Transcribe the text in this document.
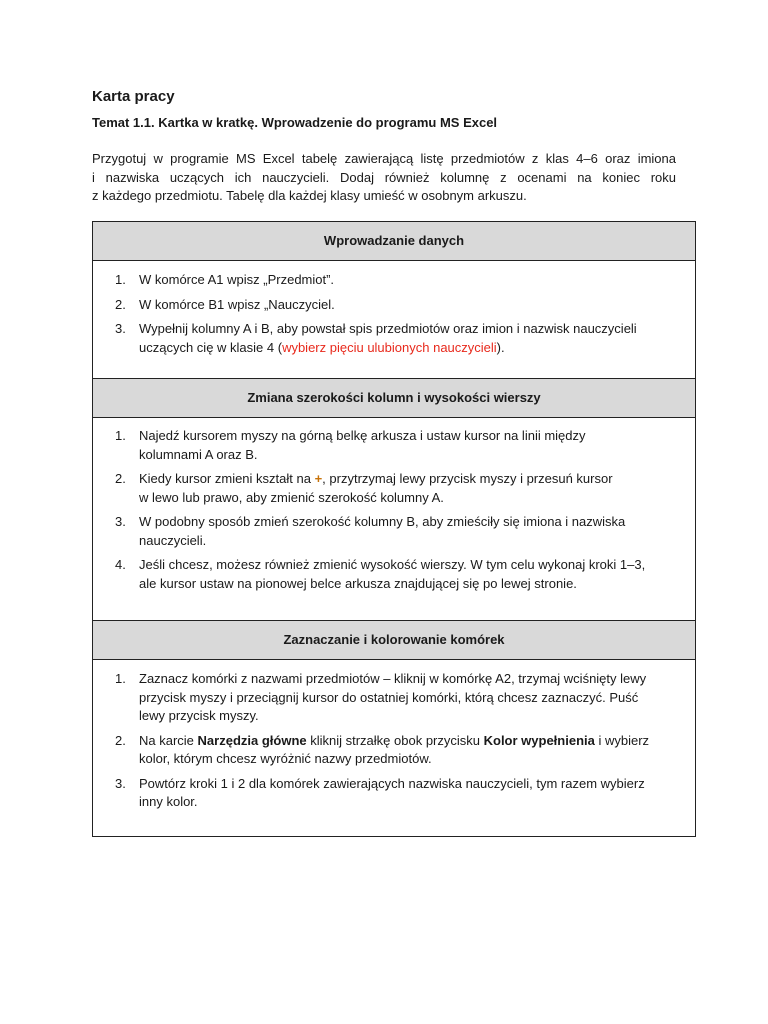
Karta pracy
Temat 1.1. Kartka w kratkę. Wprowadzenie do programu MS Excel
Przygotuj w programie MS Excel tabelę zawierającą listę przedmiotów z klas 4–6 oraz imiona
i nazwiska uczących ich nauczycieli. Dodaj również kolumnę z ocenami na koniec roku
z każdego przedmiotu. Tabelę dla każdej klasy umieść w osobnym arkuszu.
Wprowadzanie danych
1. W komórce A1 wpisz „Przedmiot”.
2. W komórce B1 wpisz „Nauczyciel.
3. Wypełnij kolumny A i B, aby powstał spis przedmiotów oraz imion i nazwisk nauczycieli
uczących cię w klasie 4 (wybierz pięciu ulubionych nauczycieli).
Zmiana szerokości kolumn i wysokości wierszy
1. Najedź kursorem myszy na górną belkę arkusza i ustaw kursor na linii między
kolumnami A oraz B.
2. Kiedy kursor zmieni kształt na +, przytrzymaj lewy przycisk myszy i przesuń kursor
w lewo lub prawo, aby zmienić szerokość kolumny A.
3. W podobny sposób zmień szerokość kolumny B, aby zmieściły się imiona i nazwiska
nauczycieli.
4. Jeśli chcesz, możesz również zmienić wysokość wierszy. W tym celu wykonaj kroki 1–3,
ale kursor ustaw na pionowej belce arkusza znajdującej się po lewej stronie.
Zaznaczanie i kolorowanie komórek
1. Zaznacz komórki z nazwami przedmiotów – kliknij w komórkę A2, trzymaj wciśnięty lewy
przycisk myszy i przeciągnij kursor do ostatniej komórki, którą chcesz zaznaczyć. Puść
lewy przycisk myszy.
2. Na karcie Narzędzia główne kliknij strzałkę obok przycisku Kolor wypełnienia i wybierz
kolor, którym chcesz wyróżnić nazwy przedmiotów.
3. Powtórz kroki 1 i 2 dla komórek zawierających nazwiska nauczycieli, tym razem wybierz
inny kolor.
